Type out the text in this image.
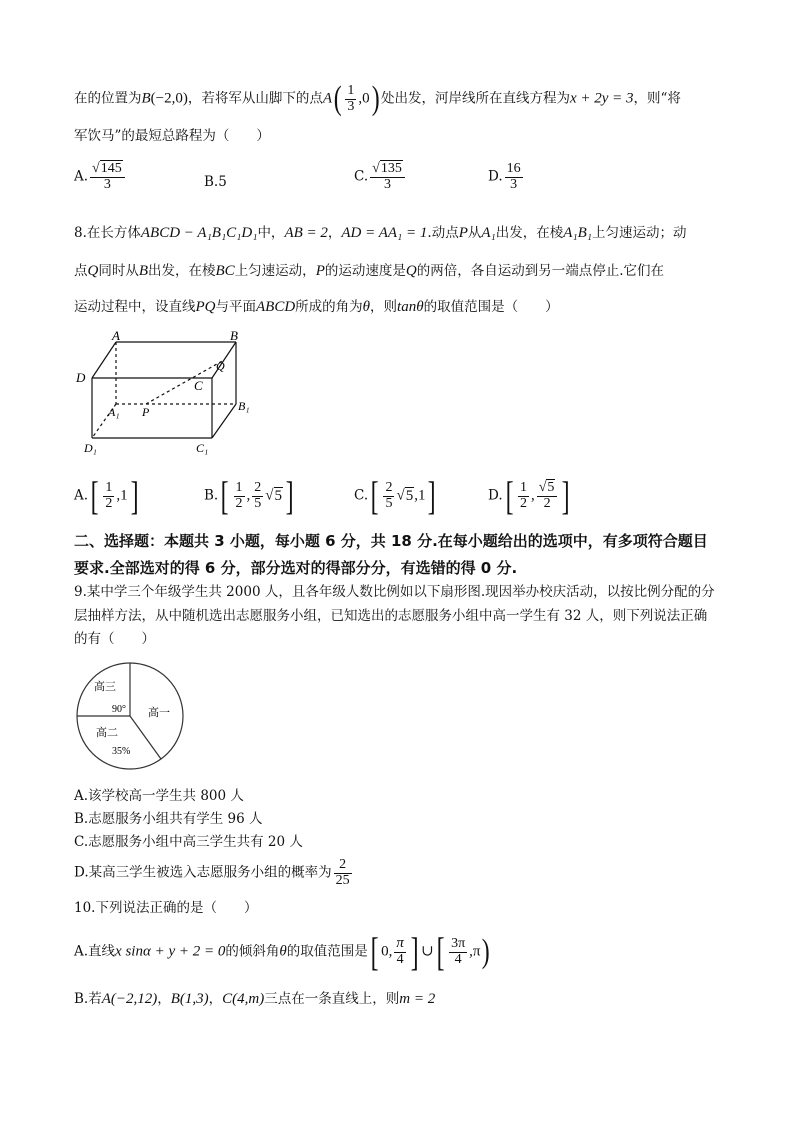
在的位置为B(−2,0)，若将军从山脚下的点$A( \frac{1}{3} ,0)$ 处出发，河岸线所在直线方程为x + 2y = 3，则“将
军饮马”的最短总路程为（　　）
A. $\frac{√145}{3}$	B.5	C. $\frac{√135}{3}$	D. $\frac{16}{3}$
8.在长方体ABCD − A₁B₁C₁D₁中，AB = 2，AD = AA₁ = 1.动点P从A₁出发，在棱A₁B₁上匀速运动；动
点Q同时从B出发，在棱BC上匀速运动，P的运动速度是Q的两倍，各自运动到另一端点停止.它们在
运动过程中，设直线PQ与平面ABCD所成的角为θ，则tanθ的取值范围是（　　）
A	B
C
D
A₁	B₁
C₁
D₁
P
Q
$A.[ \frac{1}{2} ,1]$	$B.[ \frac{1}{2}$ , $\frac{2}{5} √5$]	$C.[ \frac{2}{5} √5,1]$	$D.[ \frac{1}{2}$ , $\frac{√5}{2}$ ]
二、选择题：本题共 3 小题，每小题 6 分，共 18 分.在每小题给出的选项中，有多项符合题目
要求.全部选对的得 6 分，部分选对的得部分分，有选错的得 0 分.
9.某中学三个年级学生共 2000 人，且各年级人数比例如以下扇形图.现因举办校庆活动，以按比例分配的分
层抽样方法，从中随机选出志愿服务小组，已知选出的志愿服务小组中高一学生有 32 人，则下列说法正确
的有（　　）
高三
90° 高一
高二
35%
A.该学校高一学生共 800 人
B.志愿服务小组共有学生 96 人
C.志愿服务小组中高三学生共有 20 人
D.某高三学生被选入志愿服务小组的概率为 $\frac{2}{25}$
10.下列说法正确的是（　　）
A.直线x sinα + y + 2 = 0的倾斜角θ的取值范围是[ 0, $\frac{\pi}{4}$ ] ∪[ $\frac{3\pi}{4} ,\pi$)
B.若A(−2,12)，B(1,3)，C(4,m)三点在一条直线上，则m = 2
